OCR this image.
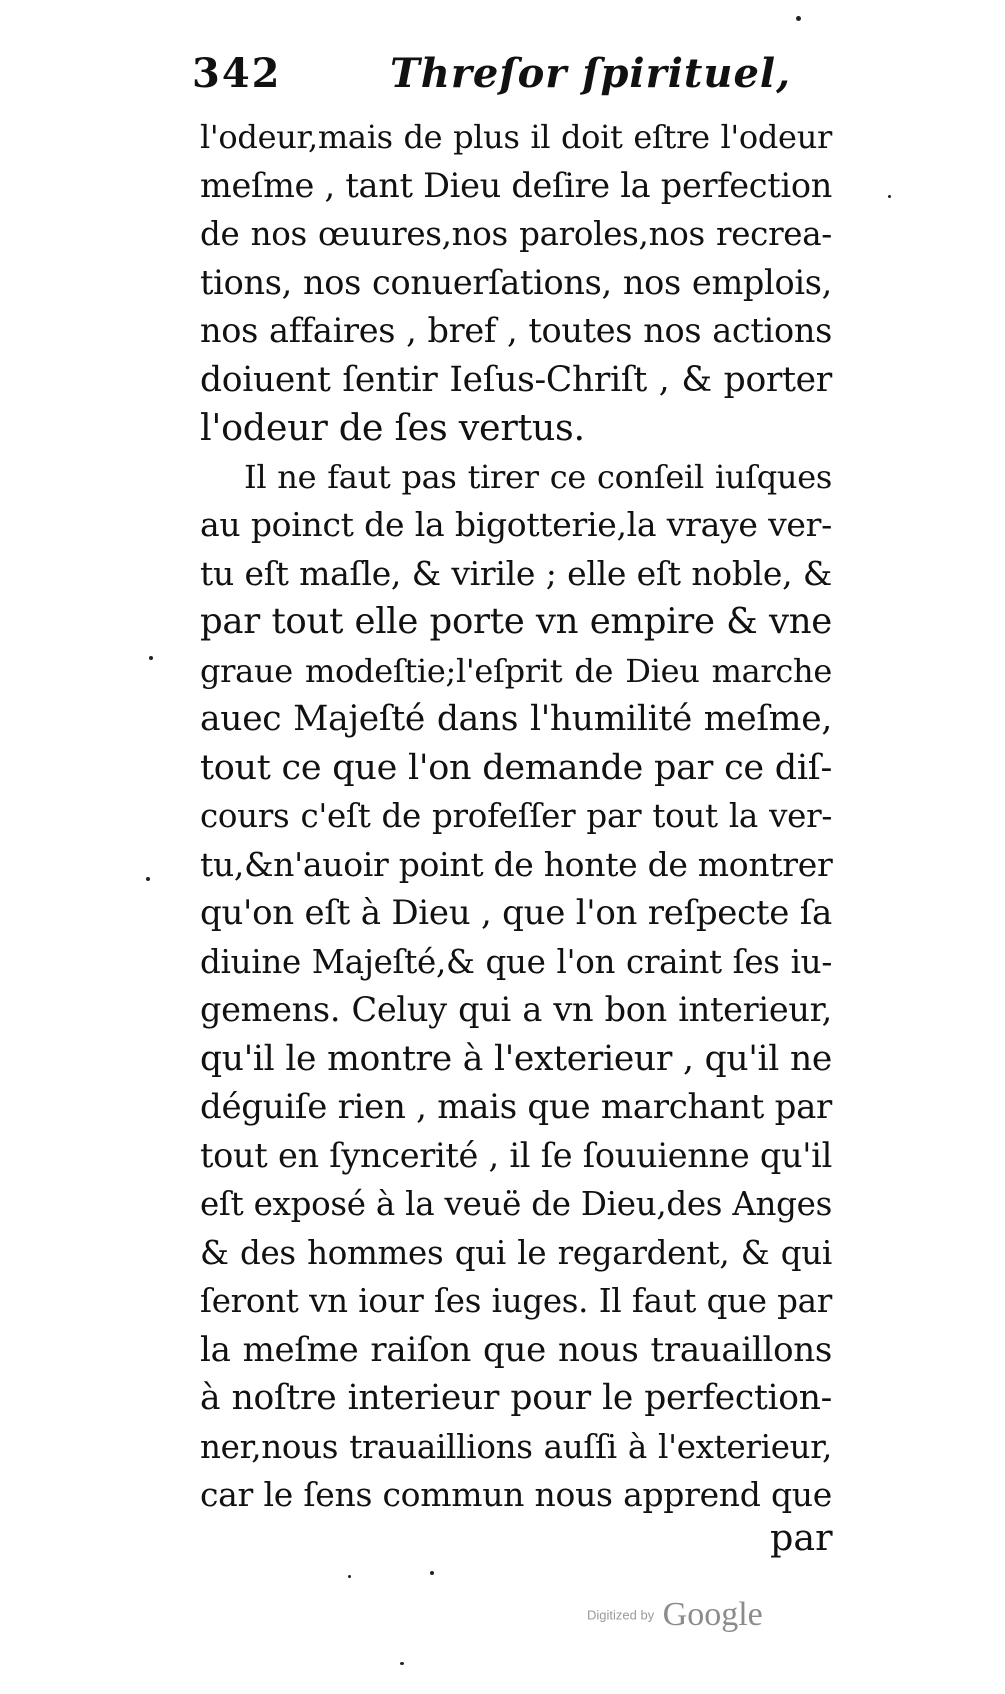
342	Threſor ſpirituel,
l'odeur,mais de plus il doit eſtre l'odeur
meſme , tant Dieu deſire la perfection
de nos œuures,nos paroles,nos recrea-
tions, nos conuerſations, nos emplois,
nos affaires , bref , toutes nos actions
doiuent ſentir Ieſus-Chriſt , & porter
l'odeur de ſes vertus.
Il ne faut pas tirer ce conſeil iuſques
au poinct de la bigotterie,la vraye ver-
tu eſt maſle, & virile ; elle eſt noble, &
par tout elle porte vn empire & vne
graue modeſtie;l'eſprit de Dieu marche
auec Majeſté dans l'humilité meſme,
tout ce que l'on demande par ce diſ-
cours c'eſt de profeſſer par tout la ver-
tu,&n'auoir point de honte de montrer
qu'on eſt à Dieu , que l'on reſpecte ſa
diuine Majeſté,& que l'on craint ſes iu-
gemens. Celuy qui a vn bon interieur,
qu'il le montre à l'exterieur , qu'il ne
déguiſe rien , mais que marchant par
tout en ſyncerité , il ſe ſouuienne qu'il
eſt exposé à la veuë de Dieu,des Anges
& des hommes qui le regardent, & qui
ſeront vn iour ſes iuges. Il faut que par
la meſme raiſon que nous trauaillons
à noſtre interieur pour le perfection-
ner,nous trauaillions auſſi à l'exterieur,
car le ſens commun nous apprend que
par
Digitized by Google
